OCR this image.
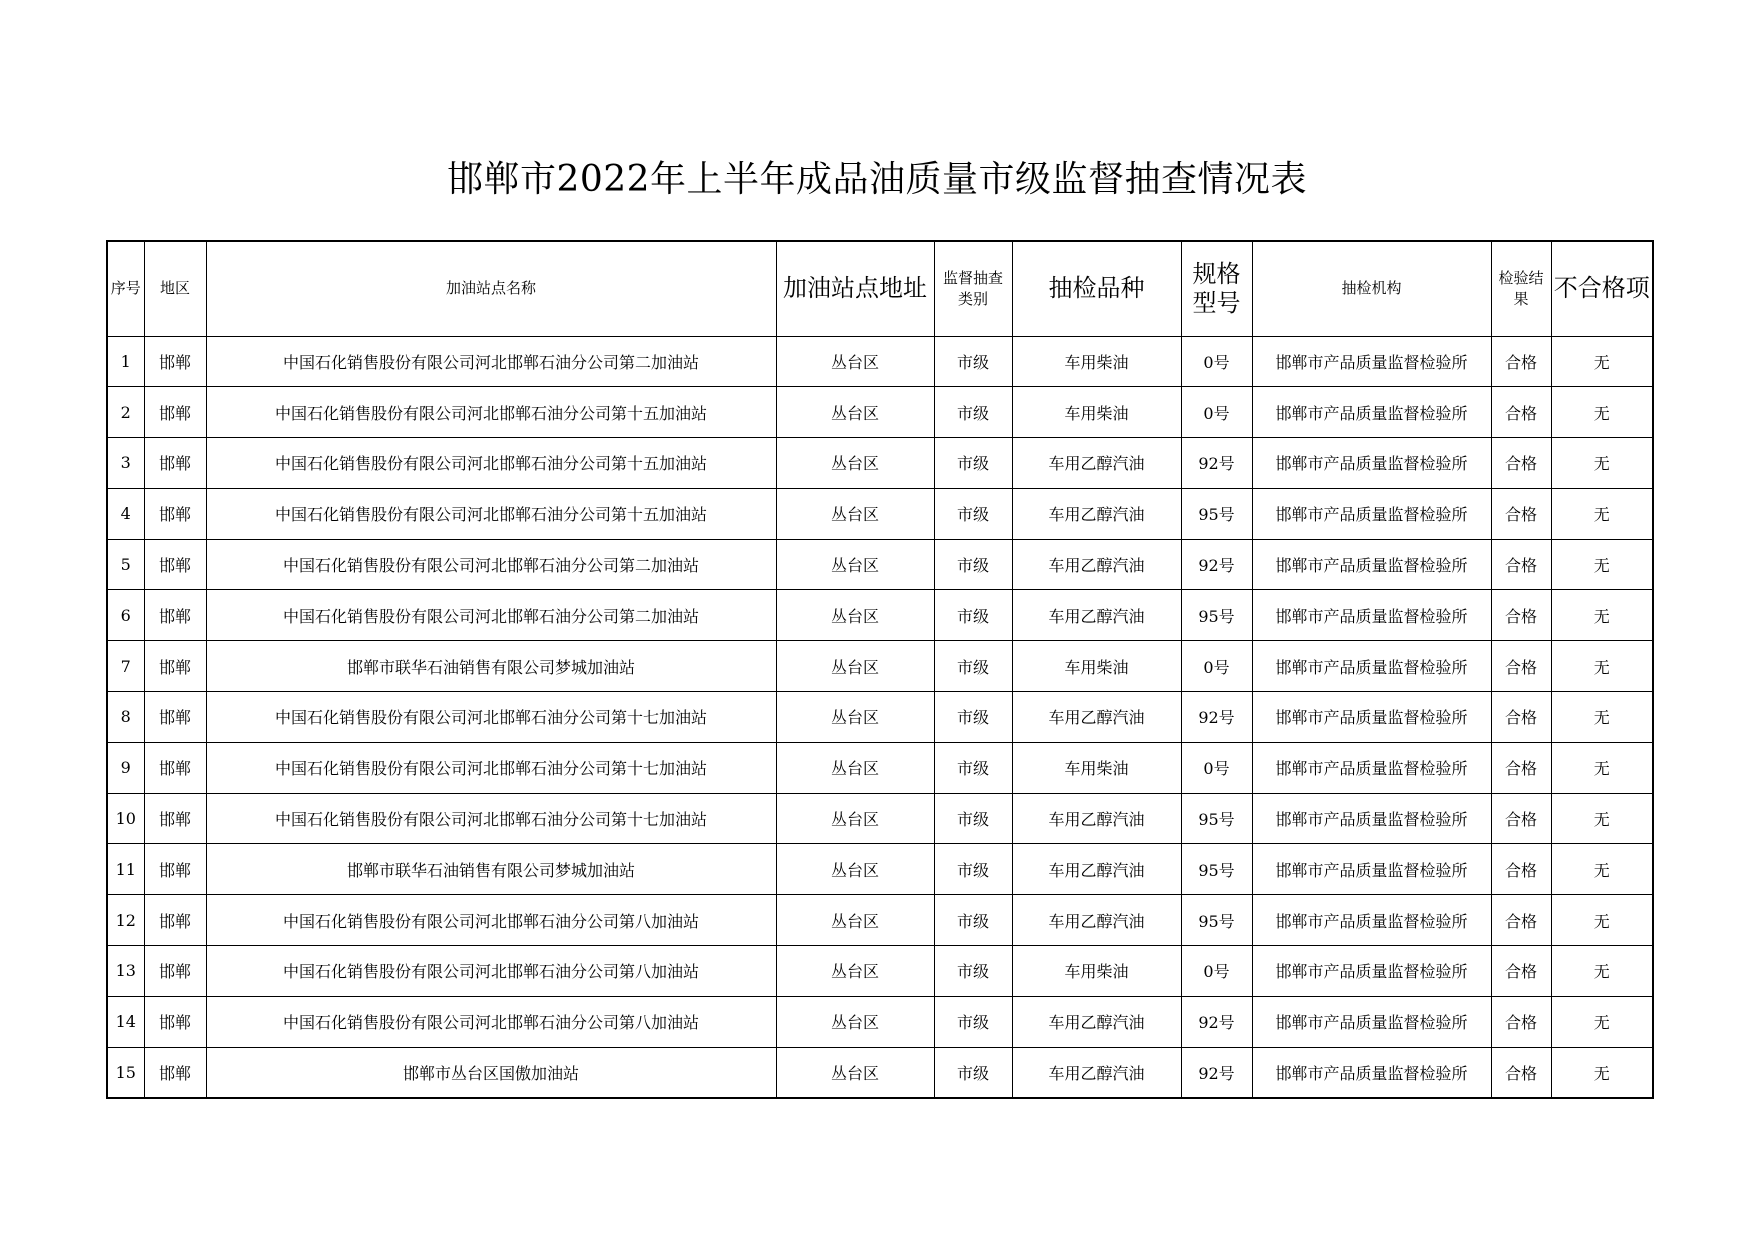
邯郸市2022年上半年成品油质量市级监督抽查情况表
序号	地区	加油站点名称	加油站点地址	监督抽查类别	抽检品种	规格型号	抽检机构	检验结果	不合格项
1	邯郸	中国石化销售股份有限公司河北邯郸石油分公司第二加油站	丛台区	市级	车用柴油	0号	邯郸市产品质量监督检验所	合格	无
2	邯郸	中国石化销售股份有限公司河北邯郸石油分公司第十五加油站	丛台区	市级	车用柴油	0号	邯郸市产品质量监督检验所	合格	无
3	邯郸	中国石化销售股份有限公司河北邯郸石油分公司第十五加油站	丛台区	市级	车用乙醇汽油	92号	邯郸市产品质量监督检验所	合格	无
4	邯郸	中国石化销售股份有限公司河北邯郸石油分公司第十五加油站	丛台区	市级	车用乙醇汽油	95号	邯郸市产品质量监督检验所	合格	无
5	邯郸	中国石化销售股份有限公司河北邯郸石油分公司第二加油站	丛台区	市级	车用乙醇汽油	92号	邯郸市产品质量监督检验所	合格	无
6	邯郸	中国石化销售股份有限公司河北邯郸石油分公司第二加油站	丛台区	市级	车用乙醇汽油	95号	邯郸市产品质量监督检验所	合格	无
7	邯郸	邯郸市联华石油销售有限公司梦城加油站	丛台区	市级	车用柴油	0号	邯郸市产品质量监督检验所	合格	无
8	邯郸	中国石化销售股份有限公司河北邯郸石油分公司第十七加油站	丛台区	市级	车用乙醇汽油	92号	邯郸市产品质量监督检验所	合格	无
9	邯郸	中国石化销售股份有限公司河北邯郸石油分公司第十七加油站	丛台区	市级	车用柴油	0号	邯郸市产品质量监督检验所	合格	无
10	邯郸	中国石化销售股份有限公司河北邯郸石油分公司第十七加油站	丛台区	市级	车用乙醇汽油	95号	邯郸市产品质量监督检验所	合格	无
11	邯郸	邯郸市联华石油销售有限公司梦城加油站	丛台区	市级	车用乙醇汽油	95号	邯郸市产品质量监督检验所	合格	无
12	邯郸	中国石化销售股份有限公司河北邯郸石油分公司第八加油站	丛台区	市级	车用乙醇汽油	95号	邯郸市产品质量监督检验所	合格	无
13	邯郸	中国石化销售股份有限公司河北邯郸石油分公司第八加油站	丛台区	市级	车用柴油	0号	邯郸市产品质量监督检验所	合格	无
14	邯郸	中国石化销售股份有限公司河北邯郸石油分公司第八加油站	丛台区	市级	车用乙醇汽油	92号	邯郸市产品质量监督检验所	合格	无
15	邯郸	邯郸市丛台区国傲加油站	丛台区	市级	车用乙醇汽油	92号	邯郸市产品质量监督检验所	合格	无
